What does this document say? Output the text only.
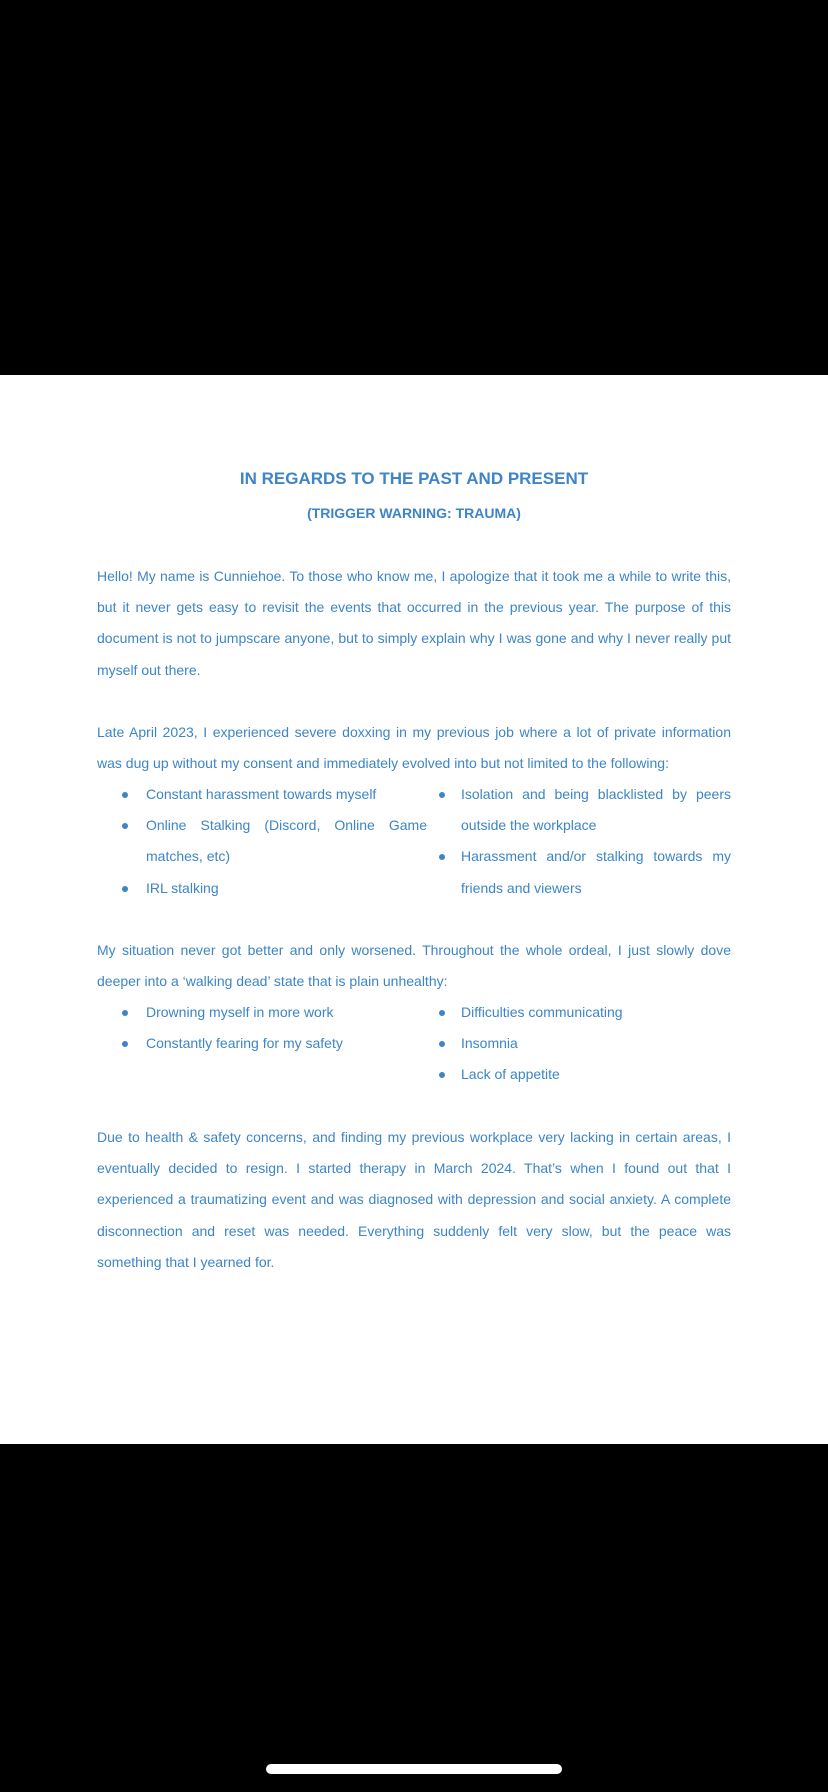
IN REGARDS TO THE PAST AND PRESENT
(TRIGGER WARNING: TRAUMA)

Hello! My name is Cunniehoe. To those who know me, I apologize that it took me a while to write this, but it never gets easy to revisit the events that occurred in the previous year. The purpose of this document is not to jumpscare anyone, but to simply explain why I was gone and why I never really put myself out there.

Late April 2023, I experienced severe doxxing in my previous job where a lot of private information was dug up without my consent and immediately evolved into but not limited to the following:

Constant harassment towards myself
Online Stalking (Discord, Online Game matches, etc)
IRL stalking
Isolation and being blacklisted by peers outside the workplace
Harassment and/or stalking towards my friends and viewers

My situation never got better and only worsened. Throughout the whole ordeal, I just slowly dove deeper into a ‘walking dead’ state that is plain unhealthy:

Drowning myself in more work
Constantly fearing for my safety
Difficulties communicating
Insomnia
Lack of appetite

Due to health & safety concerns, and finding my previous workplace very lacking in certain areas, I eventually decided to resign. I started therapy in March 2024. That’s when I found out that I experienced a traumatizing event and was diagnosed with depression and social anxiety. A complete disconnection and reset was needed. Everything suddenly felt very slow, but the peace was something that I yearned for.
